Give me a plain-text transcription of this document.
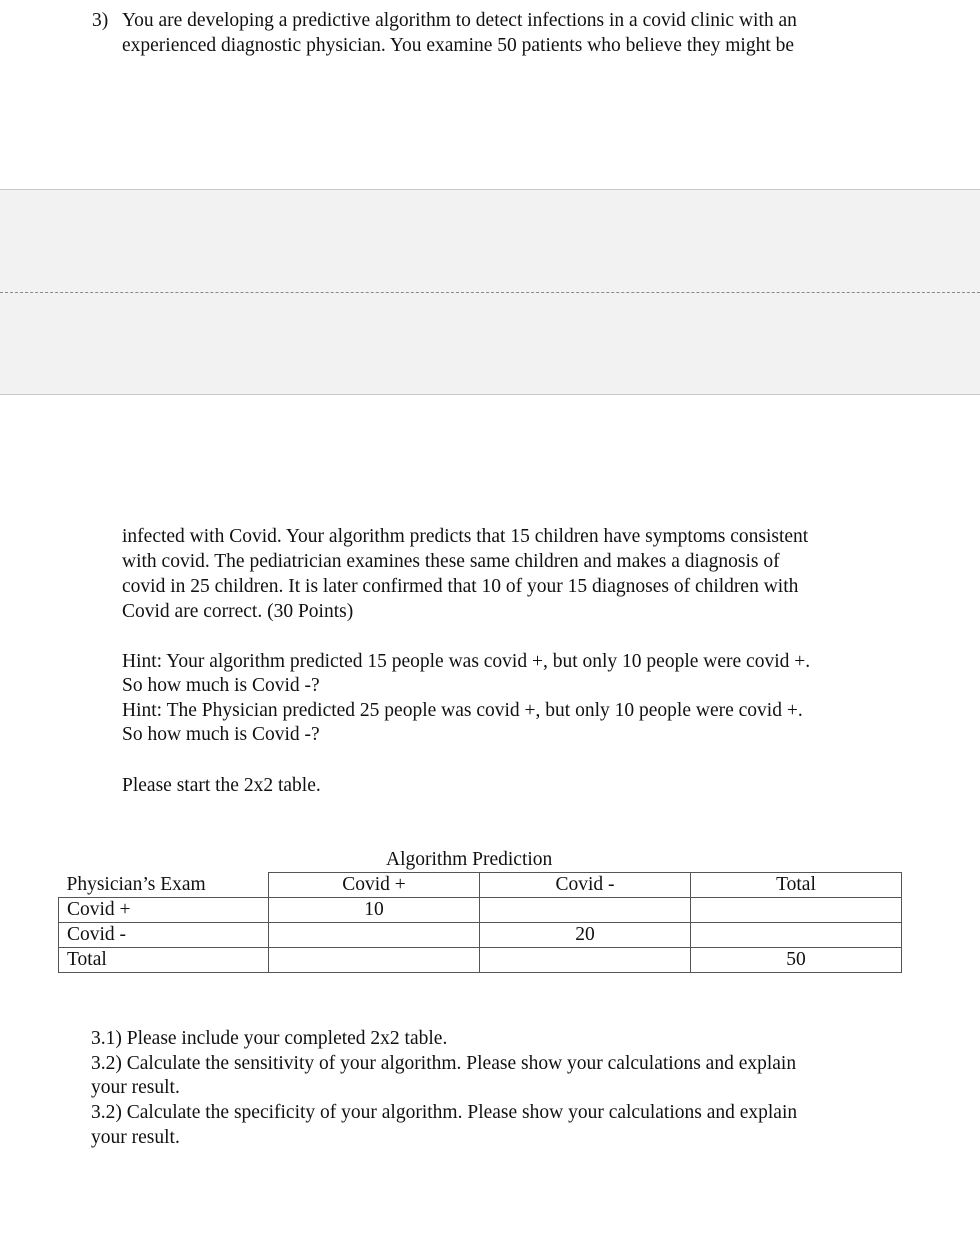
3) You are developing a predictive algorithm to detect infections in a covid clinic with an
experienced diagnostic physician. You examine 50 patients who believe they might be
infected with Covid. Your algorithm predicts that 15 children have symptoms consistent
with covid. The pediatrician examines these same children and makes a diagnosis of
covid in 25 children. It is later confirmed that 10 of your 15 diagnoses of children with
Covid are correct. (30 Points)
Hint: Your algorithm predicted 15 people was covid +, but only 10 people were covid +.
So how much is Covid -?
Hint: The Physician predicted 25 people was covid +, but only 10 people were covid +.
So how much is Covid -?
Please start the 2x2 table.
Algorithm Prediction
Physician’s Exam	Covid +	Covid -	Total
Covid +	10		
Covid -		20	
Total			50
3.1) Please include your completed 2x2 table.
3.2) Calculate the sensitivity of your algorithm. Please show your calculations and explain
your result.
3.2) Calculate the specificity of your algorithm. Please show your calculations and explain
your result.
